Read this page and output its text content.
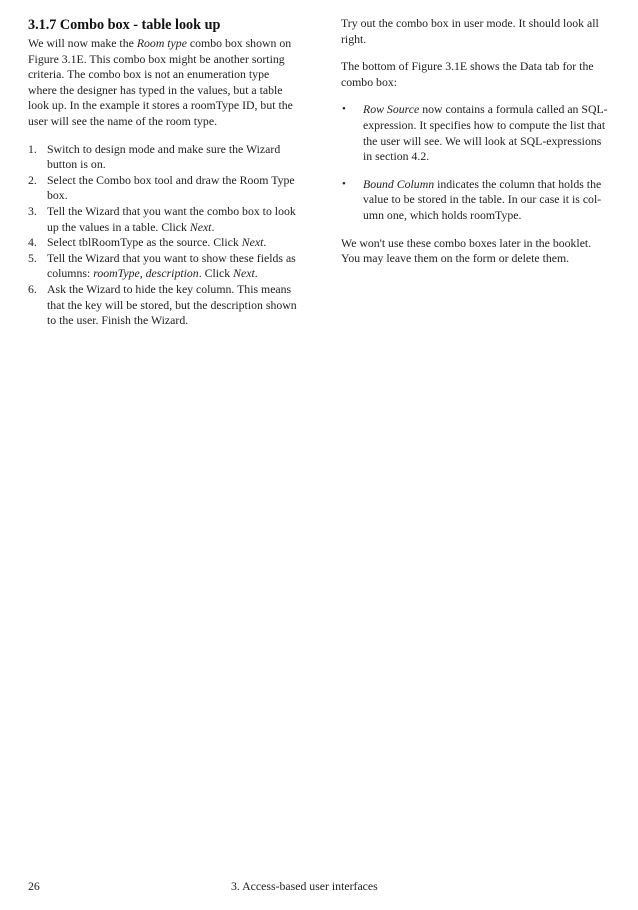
3.1.7 Combo box - table look up

We will now make the Room type combo box shown on Figure 3.1E. This combo box might be another sorting criteria. The combo box is not an enumeration type where the designer has typed in the values, but a table look up. In the example it stores a roomType ID, but the user will see the name of the room type.

1. Switch to design mode and make sure the Wizard button is on.
2. Select the Combo box tool and draw the Room Type box.
3. Tell the Wizard that you want the combo box to look up the values in a table. Click Next.
4. Select tblRoomType as the source. Click Next.
5. Tell the Wizard that you want to show these fields as columns: roomType, description. Click Next.
6. Ask the Wizard to hide the key column. This means that the key will be stored, but the description shown to the user. Finish the Wizard.

Try out the combo box in user mode. It should look all right.

The bottom of Figure 3.1E shows the Data tab for the combo box:

• Row Source now contains a formula called an SQL-expression. It specifies how to compute the list that the user will see. We will look at SQL-expressions in section 4.2.
• Bound Column indicates the column that holds the value to be stored in the table. In our case it is col-umn one, which holds roomType.

We won't use these combo boxes later in the booklet. You may leave them on the form or delete them.

26	3. Access-based user interfaces
